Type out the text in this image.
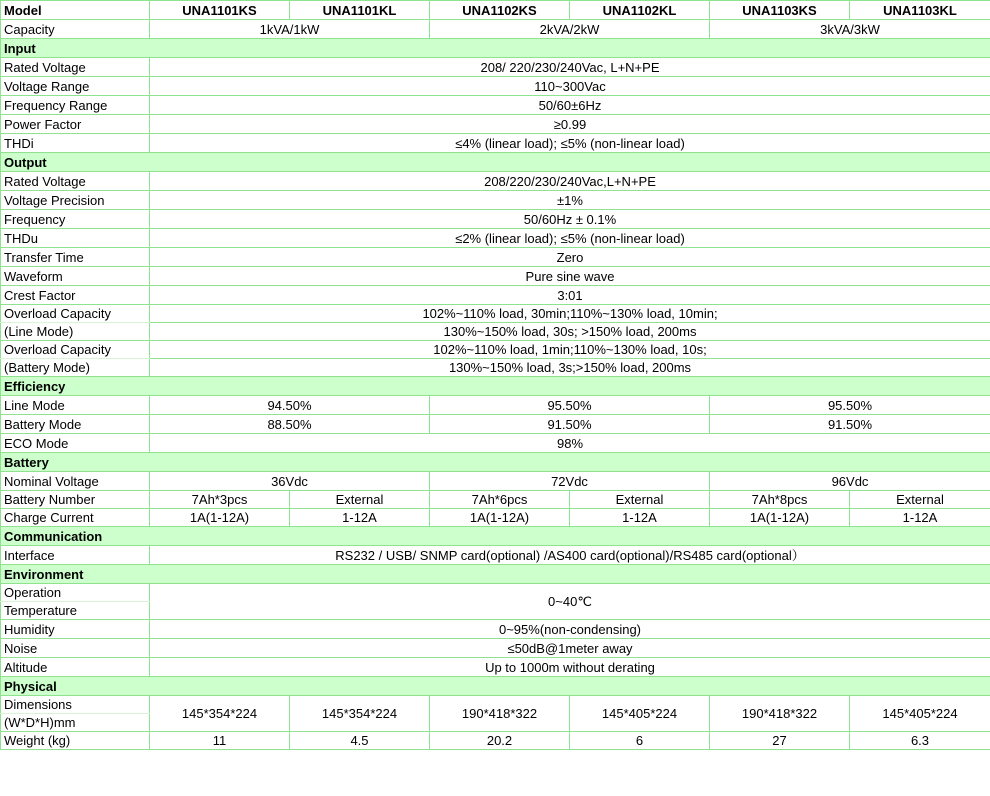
Model	UNA1101KS	UNA1101KL	UNA1102KS	UNA1102KL	UNA1103KS	UNA1103KL
Capacity	1kVA/1kW		2kVA/2kW		3kVA/3kW	
Input						
Rated Voltage	208/ 220/230/240Vac, L+N+PE					
Voltage Range	110~300Vac					
Frequency Range	50/60±6Hz					
Power Factor	≥0.99					
THDi	≤4% (linear load); ≤5% (non-linear load)					
Output						
Rated Voltage	208/220/230/240Vac,L+N+PE					
Voltage Precision	±1%					
Frequency	50/60Hz ± 0.1%					
THDu	≤2% (linear load); ≤5% (non-linear load)					
Transfer Time	Zero					
Waveform	Pure sine wave					
Crest Factor	3:01					
Overload Capacity	102%~110% load, 30min;110%~130% load, 10min;					
(Line Mode)	130%~150% load, 30s; >150% load, 200ms					
Overload Capacity	102%~110% load, 1min;110%~130% load, 10s;					
(Battery Mode)	130%~150% load, 3s;>150% load, 200ms					
Efficiency						
Line Mode	94.50%		95.50%		95.50%	
Battery Mode	88.50%		91.50%		91.50%	
ECO Mode	98%					
Battery						
Nominal Voltage	36Vdc		72Vdc		96Vdc	
Battery Number	7Ah*3pcs	External	7Ah*6pcs	External	7Ah*8pcs	External
Charge Current	1A(1-12A)	1-12A	1A(1-12A)	1-12A	1A(1-12A)	1-12A
Communication						
Interface	RS232 / USB/ SNMP card(optional) /AS400 card(optional)/RS485 card(optional）					
Environment						
Operation	0~40℃					
Temperature						
Humidity	0~95%(non-condensing)					
Noise	≤50dB@1meter away					
Altitude	Up to 1000m without derating					
Physical						
Dimensions	145*354*224	145*354*224	190*418*322	145*405*224	190*418*322	145*405*224
(W*D*H)mm						
Weight (kg)	11	4.5	20.2	6	27	6.3
